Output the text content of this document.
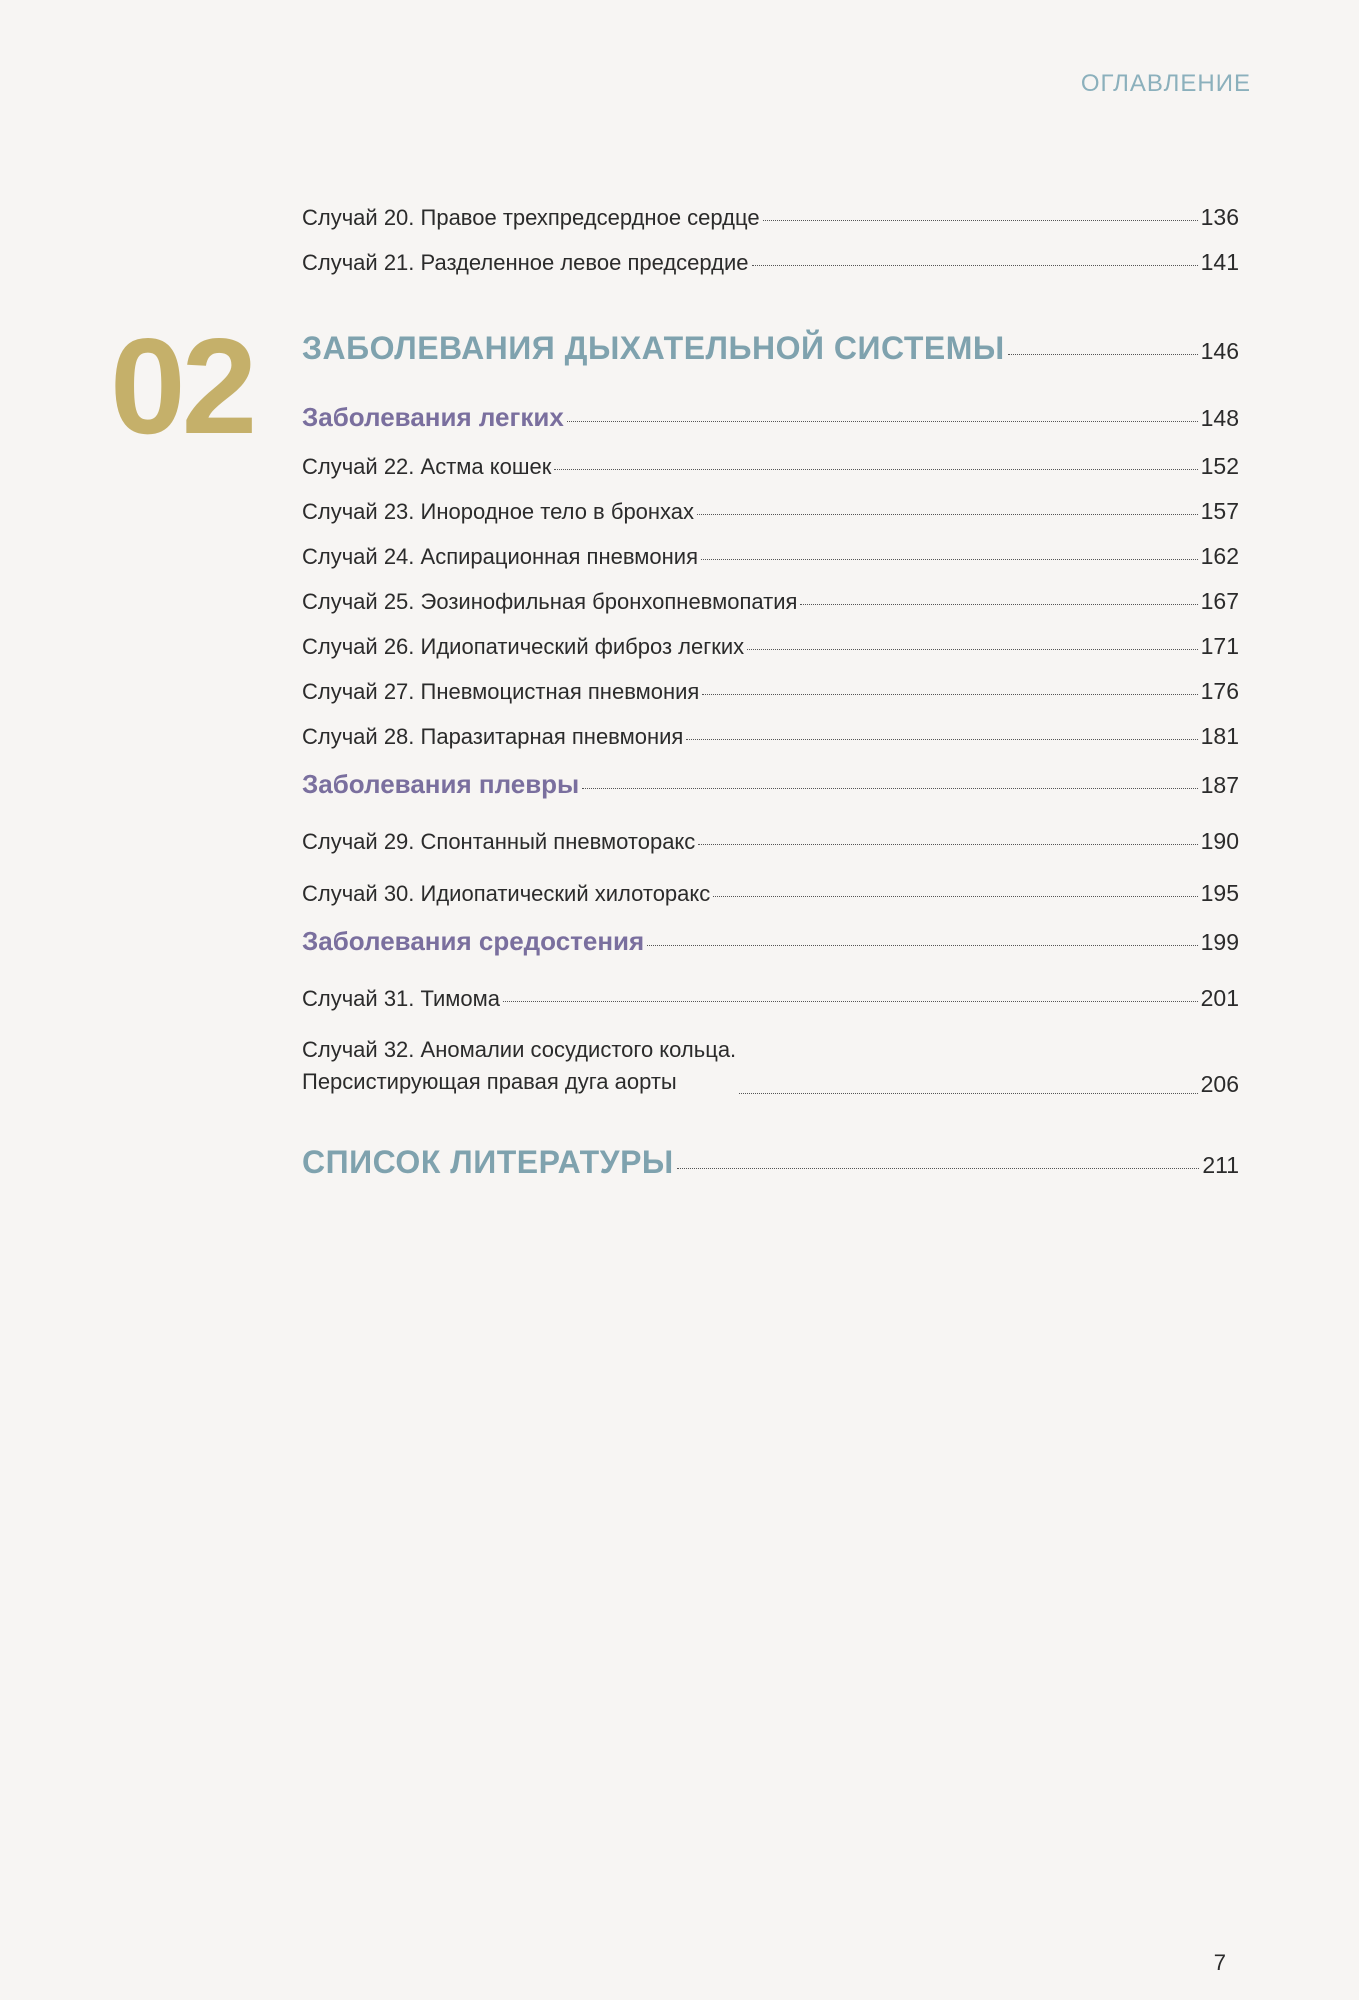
ОГЛАВЛЕНИЕ
02
Случай 20. Правое трехпредсердное сердце	136
Случай 21. Разделенное левое предсердие	141
ЗАБОЛЕВАНИЯ ДЫХАТЕЛЬНОЙ СИСТЕМЫ	146
Заболевания легких	148
Случай 22. Астма кошек	152
Случай 23. Инородное тело в бронхах	157
Случай 24. Аспирационная пневмония	162
Случай 25. Эозинофильная бронхопневмопатия	167
Случай 26. Идиопатический фиброз легких	171
Случай 27. Пневмоцистная пневмония	176
Случай 28. Паразитарная пневмония	181
Заболевания плевры	187
Случай 29. Спонтанный пневмоторакс	190
Случай 30. Идиопатический хилоторакс	195
Заболевания средостения	199
Случай 31. Тимома	201
Случай 32. Аномалии сосудистого кольца.
Персистирующая правая дуга аорты	206
СПИСОК ЛИТЕРАТУРЫ	211
7
